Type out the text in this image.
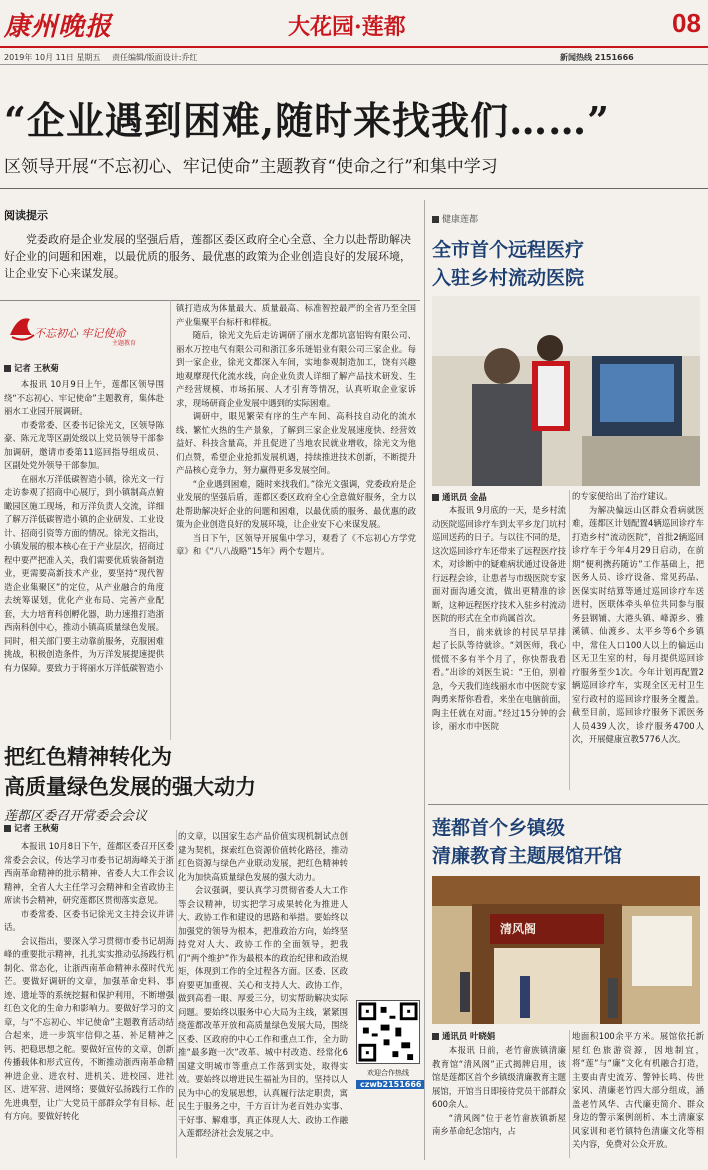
康州晚报	大花园·莲都	08
2019年 10月 11日 星期五 责任编辑/版面设计:乔红	新闻热线 2151666
“企业遇到困难,随时来找我们……”
区领导开展“不忘初心、牢记使命”主题教育“使命之行”和集中学习
阅读提示
党委政府是企业发展的坚强后盾，莲都区委区政府全心全意、全力以赴帮助解决好企业的问题和困难，以最优质的服务、最优惠的政策为企业创造良好的发展环境，让企业安下心来谋发展。
不忘初心 牢记使命
主题教育
记者 王秋菊

本报讯 10月9日上午，莲都区领导围绕“不忘初心、牢记使命”主题教育，集体赴丽水工业园开展调研。

市委常委、区委书记徐光文，区领导陈豪、陈元龙等区副处级以上党员领导干部参加调研，邀请市委第11巡回指导组成员、区副处党外领导干部参加。

在丽水万洋低碳智造小镇，徐光文一行走访参观了招商中心展厅，到小镇制高点俯瞰园区施工现场，和万洋负责人交流，详细了解万洋低碳智造小镇的企业研发、工业设计、招商引资等方面的情况。徐光文指出，小镇发展的根本核心在于产业层次，招商过程中要严把准入关，我们需要优质装备制造业，更需要高新技术产业，要坚持“现代智造企业集聚区”的定位，从产业融合的角度去统筹谋划，优化产业布局、完善产业配套，大力培育科创孵化器，助力速推打造浙西南科创中心，推动小镇高质量绿色发展。同时，相关部门要主动靠前服务，克服困难挑战，积极创造条件，为万洋发展提速提供有力保障。要致力于将丽水万洋低碳智造小

镇打造成为体量最大、质量最高、标准智控最严的全省乃至全国产业集聚平台标杆和样板。

随后，徐光文先后走访调研了丽水龙都坑富铝钩有限公司、丽水万控电气有限公司和浙江多乐琏铝业有限公司三家企业。每到一家企业，徐光文都深入车间，实地参观制造加工，饶有兴趣地观摩现代化流水线，向企业负责人详细了解产品技术研发、生产经营规模、市场拓展、人才引育等情况，认真听取企业家诉求，现场研商企业发展中遇到的实际困难。

调研中，眼见繁荣有序的生产车间、高科技自动化的流水线、繁忙火热的生产景象，了解到三家企业发展速度快、经营效益好、科技含量高，并且促进了当地农民就业增收，徐光文为他们点赞，希望企业抢抓发展机遇，持续推进技术创新，不断提升产品核心竞争力，努力赢得更多发展空间。

“企业遇到困难，随时来找我们。”徐光文强调，党委政府是企业发展的坚强后盾，莲都区委区政府全心全意做好服务，全力以赴帮助解决好企业的问题和困难，以最优质的服务、最优惠的政策为企业创造良好的发展环境，让企业安下心来谋发展。

当日下午，区领导开展集中学习，观看了《不忘初心方学党章》和《“八八战略”15年》两个专题片。

把红色精神转化为
高质量绿色发展的强大动力
莲都区委召开常委会会议
记者 王秋菊

本报讯 10月8日下午，莲都区委召开区委常委会会议，传达学习市委书记胡海峰关于浙西南革命精神的批示精神、省委人大工作会议精神，全省人大主任学习会精神和全省政协主席读书会精神，研究莲都区贯彻落实意见。

市委常委、区委书记徐光文主持会议并讲话。

会议指出，要深入学习贯彻市委书记胡海峰的重要批示精神，扎扎实实推动弘扬践行机制化、常态化，让浙西南革命精神永葆时代光芒。要做好调研的文章，加强革命史料、事迹、遗址等的系统挖掘和保护利用，不断增强红色文化的生命力和影响力。要做好学习的文章，与“不忘初心、牢记使命”主题教育活动结合起来，进一步筑牢信仰之基、补足精神之钙、把稳思想之舵。要做好宣传的文章，创新传播载体和形式宣传，不断推动浙西南革命精神进企业、进农村、进机关、进校园、进社区、进军营、进网络；要做好弘扬践行工作的先进典型，让广大党员干部群众学有目标、赶有方向。要做好转化

的文章，以国家生态产品价值实现机制试点创建为契机，探索红色资源价值转化路径，推动红色资源与绿色产业联动发展，把红色精神转化为加快高质量绿色发展的强大动力。

会议强调，要认真学习贯彻省委人大工作等会议精神，切实把学习成果转化为推进人大、政协工作和建设的思路和举措。要始终以加强党的领导为根本，把准政治方向，始终坚持党对人大、政协工作的全面领导，把我们“两个维护”作为最根本的政治纪律和政治规矩，体现到工作的全过程各方面。区委、区政府要更加重视、关心和支持人大、政协工作，做到高看一眼、厚爱三分，切实帮助解决实际问题。要始终以服务中心大局为主线，紧紧围绕莲都改革开放和高质量绿色发展大局，围绕区委、区政府的中心工作和重点工作，全力助推“最多跑一次”改革、城中村改造、经常化6国建文明城市等重点工作落到实处，取得实效。要始终以增进民生福祉为目的，坚持以人民为中心的发展思想，认真履行法定职责，寓民生于服务之中，千方百计为老百姓办实事、干好事、解难事，真正体现人大、政协工作融入莲都经济社会发展之中。

欢迎合作热线
czwb2151666
健康莲都
全市首个远程医疗
入驻乡村流动医院
通讯员 金晶

本报讯 9月底的一天，是乡村流动医院巡回诊疗车到太平乡龙门坑村巡回送药的日子。与以往不同的是，这次巡回诊疗车还带来了远程医疗技术，对诊断中的疑难病状通过设备进行远程会诊，让患者与市级医院专家面对面沟通交流，做出更精准的诊断，这种远程医疗技术入驻乡村流动医院的形式在全市尚属首次。

当日，前来就诊的村民早早排起了长队等待就诊。“刘医师，我心慌慌不多有半个月了，你快帮我看看。”出诊的刘医生说：“王伯，别着急，今天我们连线丽水市中医院专家陶勇来帮你看看，来坐在电脑前面，陶主任就在对面。”经过15分钟的会诊，丽水市中医院

的专家便给出了治疗建议。

为解决偏远山区群众看病就医难，莲都区计划配置4辆巡回诊疗车打造乡村“流动医院”，首批2辆巡回诊疗车于今年4月29日启动，在前期“便利携药随访”工作基础上，把医务人员、诊疗设备、常见药品、医保实时结算等通过巡回诊疗车送进村，医联体牵头单位共同参与服务县钢铺、大港头镇、峰源乡、雅溪镇、仙渡乡、太平乡等6个乡镇中，常住人口100人以上的偏远山区无卫生室的村，每月提供巡回诊疗服务至少1次。今年计划再配置2辆巡回诊疗车，实现全区无村卫生室行政村的巡回诊疗服务全覆盖。截至目前，巡回诊疗服务下派医务人员439人次，诊疗服务4700人次，开展健康宣教5776人次。

莲都首个乡镇级
清廉教育主题展馆开馆
清风阁
通讯员 叶晓娟

本报讯 日前，老竹畲族镇清廉教育馆“清风阁”正式揭牌启用，该馆是莲都区首个乡镇级清廉教育主题展馆，开馆当日即接待党员干部群众600余人。

“清风阁”位于老竹畲族镇新屋南乡革命纪念馆内，占

地面积100余平方米。展馆依托新屋红色旅游资源，因地制宜，将“莲”与“廉”文化有机融合打造，主要由青史流芳、警钟长鸣、传世家风、清廉老竹四大部分组成，涵盖老竹风华、古代廉吏简介、群众身边的警示案例剖析、本土清廉家风家训和老竹镇特色清廉文化等相关内容，免费对公众开放。
